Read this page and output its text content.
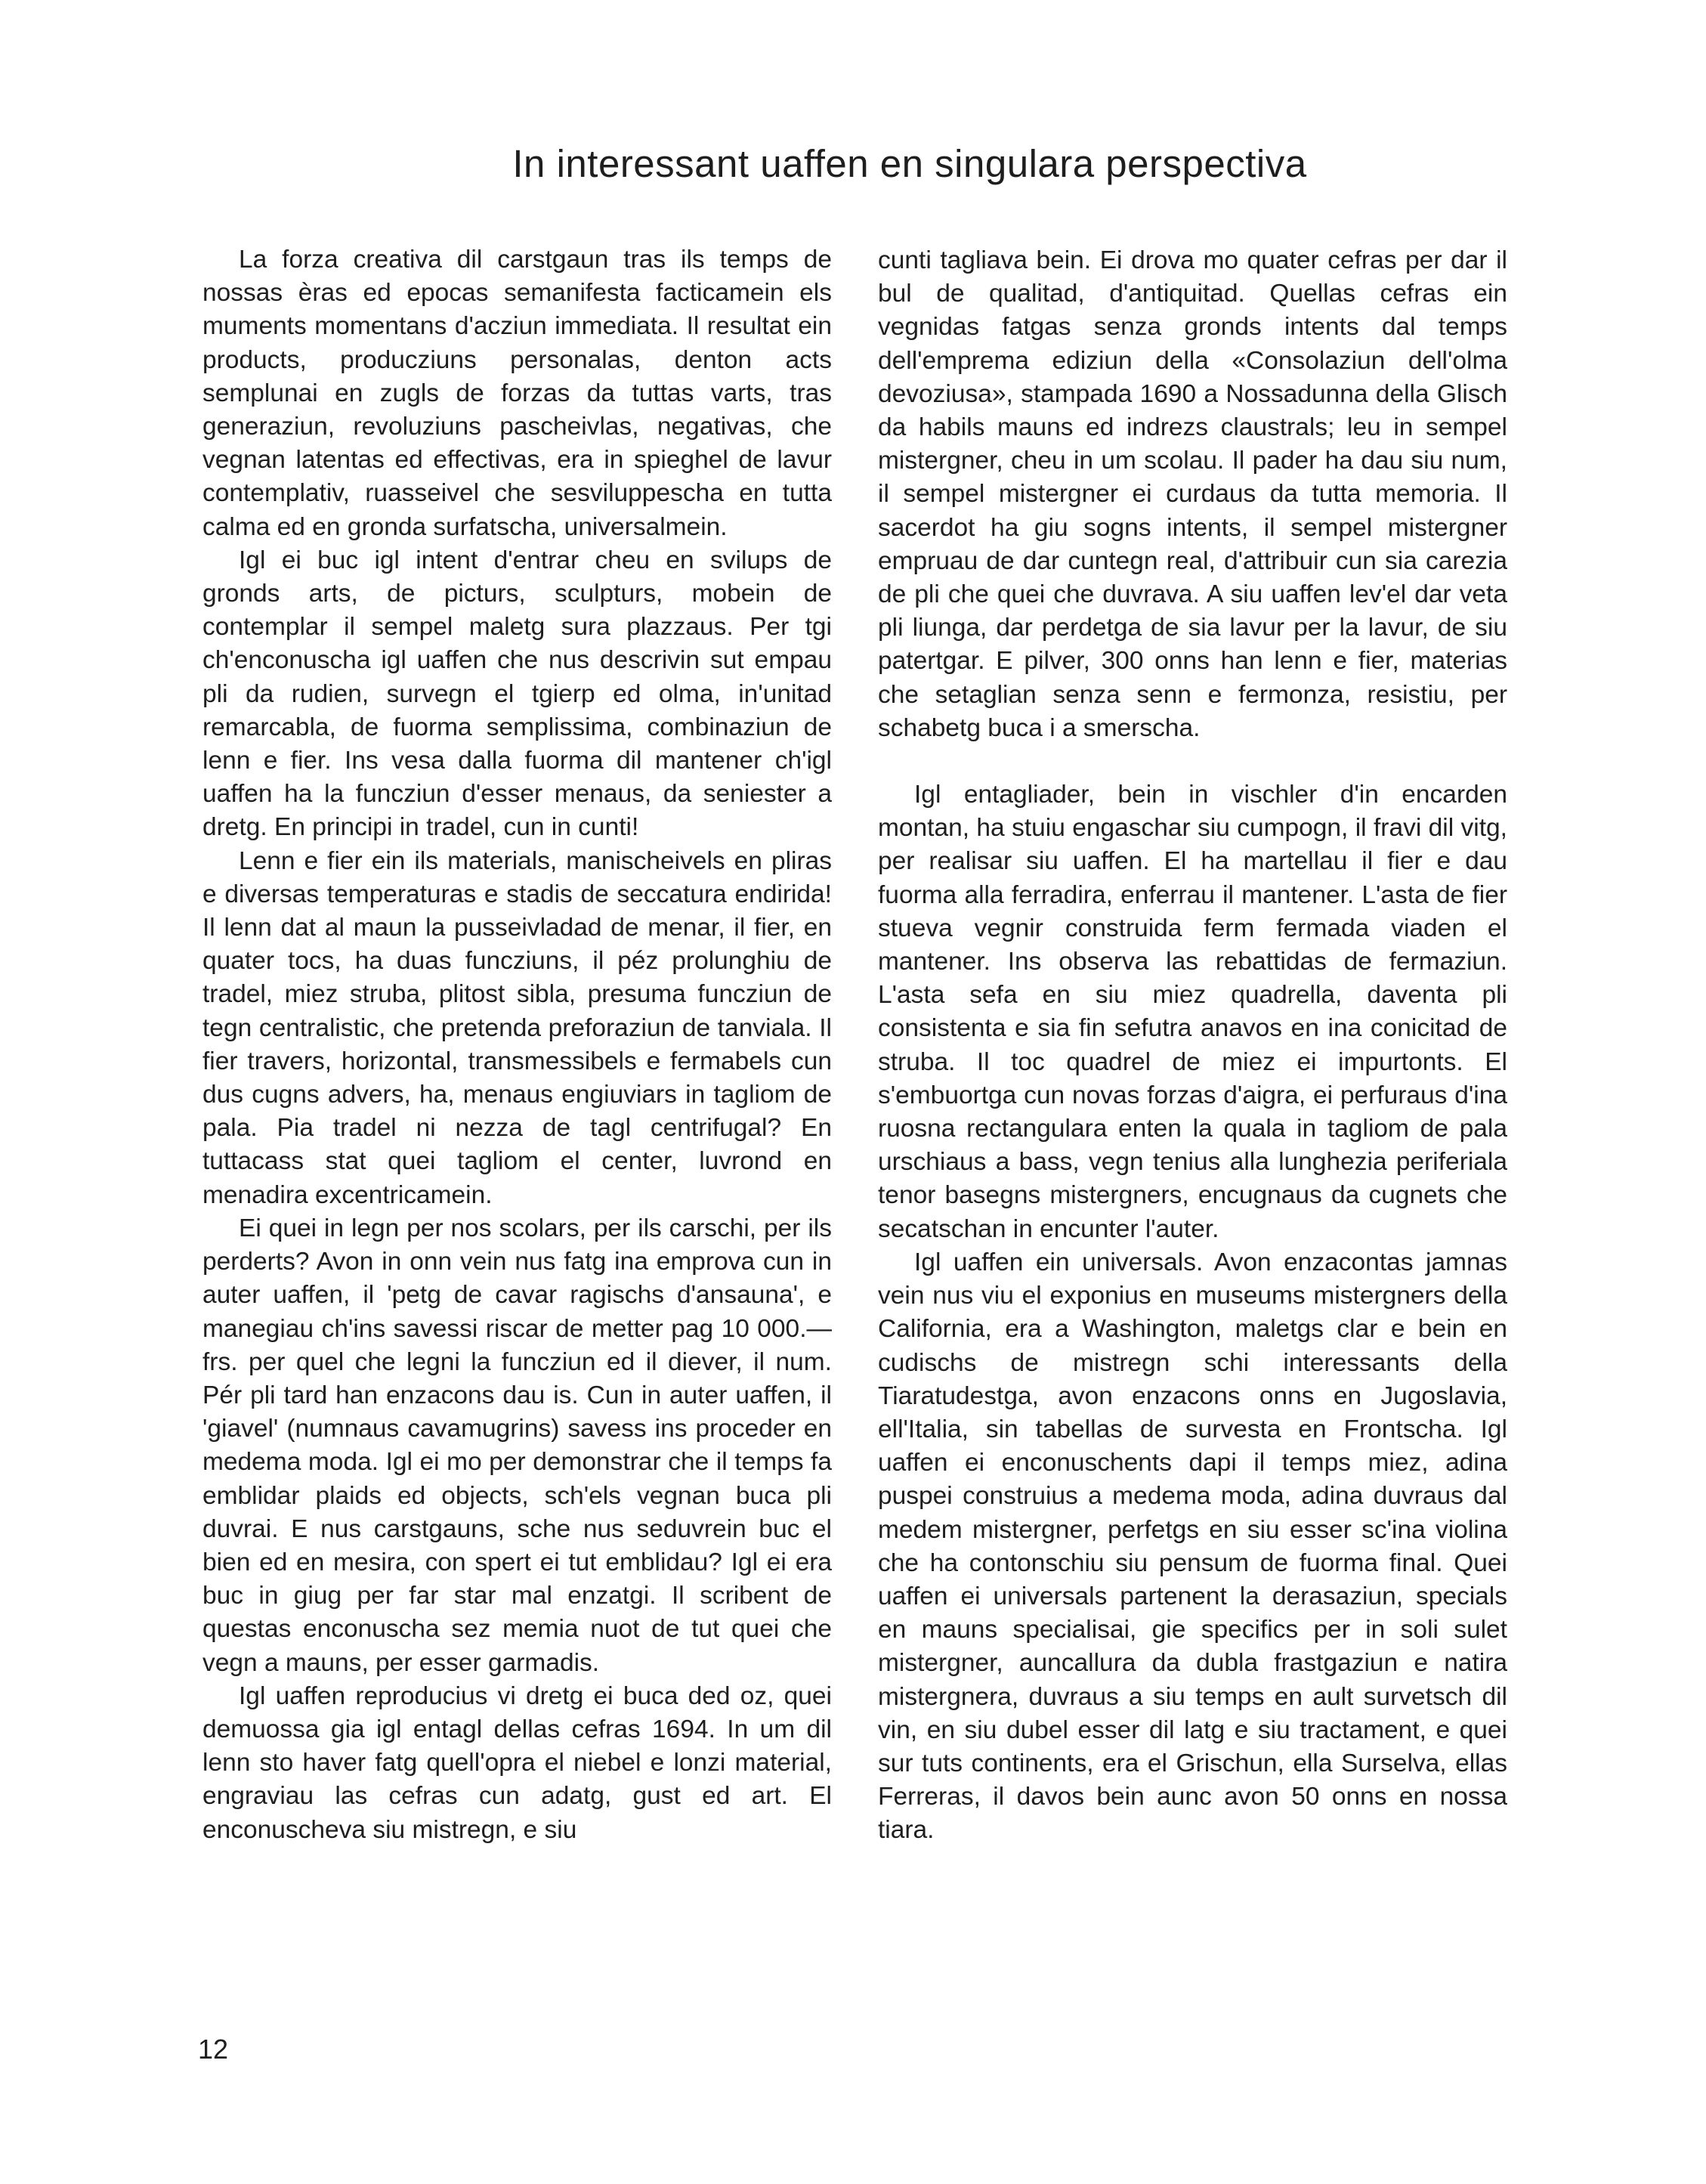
In interessant uaffen en singulara perspectiva

La forza creativa dil carstgaun tras ils temps de nossas èras ed epocas semanifesta facticamein els muments momentans d'acziun immediata. Il resultat ein products, producziuns personalas, denton acts semplunai en zugls de forzas da tuttas varts, tras generaziun, revoluziuns pascheivlas, negativas, che vegnan latentas ed effectivas, era in spieghel de lavur contemplativ, ruasseivel che sesviluppescha en tutta calma ed en gronda surfatscha, universalmein.

Igl ei buc igl intent d'entrar cheu en svilups de gronds arts, de picturs, sculpturs, mobein de contemplar il sempel maletg sura plazzaus. Per tgi ch'enconuscha igl uaffen che nus descrivin sut empau pli da rudien, survegn el tgierp ed olma, in'unitad remarcabla, de fuorma semplissima, combinaziun de lenn e fier. Ins vesa dalla fuorma dil mantener ch'igl uaffen ha la funcziun d'esser menaus, da seniester a dretg. En principi in tradel, cun in cunti!

Lenn e fier ein ils materials, manischeivels en pliras e diversas temperaturas e stadis de seccatura endirida! Il lenn dat al maun la pusseivladad de menar, il fier, en quater tocs, ha duas funcziuns, il péz prolunghiu de tradel, miez struba, plitost sibla, presuma funcziun de tegn centralistic, che pretenda preforaziun de tanviala. Il fier travers, horizontal, transmessibels e fermabels cun dus cugns advers, ha, menaus engiuviars in tagliom de pala. Pia tradel ni nezza de tagl centrifugal? En tuttacass stat quei tagliom el center, luvrond en menadira excentricamein.

Ei quei in legn per nos scolars, per ils carschi, per ils perderts? Avon in onn vein nus fatg ina emprova cun in auter uaffen, il 'petg de cavar ragischs d'ansauna', e manegiau ch'ins savessi riscar de metter pag 10 000.— frs. per quel che legni la funcziun ed il diever, il num. Pér pli tard han enzacons dau is. Cun in auter uaffen, il 'giavel' (numnaus cavamugrins) savess ins proceder en medema moda. Igl ei mo per demonstrar che il temps fa emblidar plaids ed objects, sch'els vegnan buca pli duvrai. E nus carstgauns, sche nus seduvrein buc el bien ed en mesira, con spert ei tut emblidau? Igl ei era buc in giug per far star mal enzatgi. Il scribent de questas enconuscha sez memia nuot de tut quei che vegn a mauns, per esser garmadis.

Igl uaffen reproducius vi dretg ei buca ded oz, quei demuossa gia igl entagl dellas cefras 1694. In um dil lenn sto haver fatg quell'opra el niebel e lonzi material, engraviau las cefras cun adatg, gust ed art. El enconuscheva siu mistregn, e siu

cunti tagliava bein. Ei drova mo quater cefras per dar il bul de qualitad, d'antiquitad. Quellas cefras ein vegnidas fatgas senza gronds intents dal temps dell'emprema ediziun della «Consolaziun dell'olma devoziusa», stampada 1690 a Nossadunna della Glisch da habils mauns ed indrezs claustrals; leu in sempel mistergner, cheu in um scolau. Il pader ha dau siu num, il sempel mistergner ei curdaus da tutta memoria. Il sacerdot ha giu sogns intents, il sempel mistergner empruau de dar cuntegn real, d'attribuir cun sia carezia de pli che quei che duvrava. A siu uaffen lev'el dar veta pli liunga, dar perdetga de sia lavur per la lavur, de siu patertgar. E pilver, 300 onns han lenn e fier, materias che setaglian senza senn e fermonza, resistiu, per schabetg buca i a smerscha.

Igl entagliader, bein in vischler d'in encarden montan, ha stuiu engaschar siu cumpogn, il fravi dil vitg, per realisar siu uaffen. El ha martellau il fier e dau fuorma alla ferradira, enferrau il mantener. L'asta de fier stueva vegnir construida ferm fermada viaden el mantener. Ins observa las rebattidas de fermaziun. L'asta sefa en siu miez quadrella, daventa pli consistenta e sia fin sefutra anavos en ina conicitad de struba. Il toc quadrel de miez ei impurtonts. El s'embuortga cun novas forzas d'aigra, ei perfuraus d'ina ruosna rectangulara enten la quala in tagliom de pala urschiaus a bass, vegn tenius alla lunghezia periferiala tenor basegns mistergners, encugnaus da cugnets che secatschan in encunter l'auter.

Igl uaffen ein universals. Avon enzacontas jamnas vein nus viu el exponius en museums mistergners della California, era a Washington, maletgs clar e bein en cudischs de mistregn schi interessants della Tiaratudestga, avon enzacons onns en Jugoslavia, ell'Italia, sin tabellas de survesta en Frontscha. Igl uaffen ei enconuschents dapi il temps miez, adina puspei construius a medema moda, adina duvraus dal medem mistergner, perfetgs en siu esser sc'ina violina che ha contonschiu siu pensum de fuorma final. Quei uaffen ei universals partenent la derasaziun, specials en mauns specialisai, gie specifics per in soli sulet mistergner, auncallura da dubla frastgaziun e natira mistergnera, duvraus a siu temps en ault survetsch dil vin, en siu dubel esser dil latg e siu tractament, e quei sur tuts continents, era el Grischun, ella Surselva, ellas Ferreras, il davos bein aunc avon 50 onns en nossa tiara.

12
